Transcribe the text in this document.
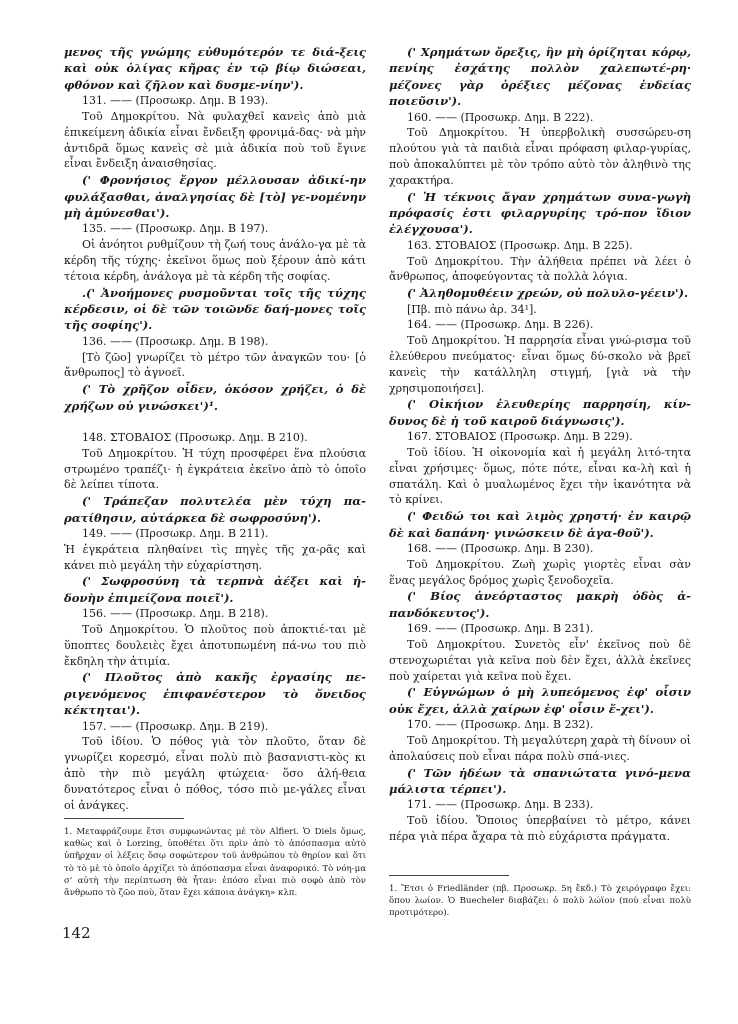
μενος τῆς γνώμης εὐθυμότερόν τε διά-ξεις καὶ οὐκ ὀλίγας κῆρας ἐν τῷ βίῳ διώσεαι, φθόνον καὶ ζῆλον καὶ δυσμε-νίην').

131. —— (Προσωκρ. Δημ. Β 193).

Τοῦ Δημοκρίτου. Νὰ φυλαχθεῖ κανεὶς ἀπὸ μιὰ ἐπικείμενη ἀδικία εἶναι ἔνδειξη φρονιμά-δας· νὰ μὴν ἀντιδρᾶ ὅμως κανεὶς σὲ μιὰ ἀδικία ποὺ τοῦ ἔγινε εἶναι ἔνδειξη ἀναισθησίας.

(' Φρονήσιος ἔργον μέλλουσαν ἀδικί-ην φυλάξασθαι, ἀναλγησίας δὲ [τὸ] γε-νομένην μὴ ἀμύνεσθαι').

135. —— (Προσωκρ. Δημ. Β 197).

Οἱ ἀνόητοι ρυθμίζουν τὴ ζωή τους ἀνάλο-γα μὲ τὰ κέρδη τῆς τύχης· ἐκεῖνοι ὅμως ποὺ ξέρουν ἀπὸ κάτι τέτοια κέρδη, ἀνάλογα μὲ τὰ κέρδη τῆς σοφίας.

.(' Ἀνοήμονες ρυσμοῦνται τοῖς τῆς τύχης κέρδεσιν, οἱ δὲ τῶν τοιῶνδε δαή-μονες τοῖς τῆς σοφίης').

136. —— (Προσωκρ. Δημ. Β 198).

[Τὸ ζῶο] γνωρίζει τὸ μέτρο τῶν ἀναγκῶν του· [ὁ ἄνθρωπος] τὸ ἀγνοεῖ.

(' Τὸ χρῆζον οἶδεν, ὁκόσον χρήζει, ὁ δὲ χρήζων οὐ γινώσκει')¹.

148. ΣΤΟΒΑΙΟΣ (Προσωκρ. Δημ. Β 210).

Τοῦ Δημοκρίτου. Ἡ τύχη προσφέρει ἕνα πλούσια στρωμένο τραπέζι· ἡ ἐγκράτεια ἐκεῖνο ἀπὸ τὸ ὁποῖο δὲ λείπει τίποτα.

(' Τράπεζαν πολυτελέα μὲν τύχη πα-ρατίθησιν, αὐτάρκεα δὲ σωφροσύνη').

149. —— (Προσωκρ. Δημ. Β 211).

Ἡ ἐγκράτεια πληθαίνει τὶς πηγὲς τῆς χα-ρᾶς καὶ κάνει πιὸ μεγάλη τὴν εὐχαρίστηση.

(' Σωφροσύνη τὰ τερπνὰ ἀέξει καὶ ἡ-δονὴν ἐπιμείζονα ποιεῖ').

156. —— (Προσωκρ. Δημ. Β 218).

Τοῦ Δημοκρίτου. Ὁ πλοῦτος ποὺ ἀποκτιέ-ται μὲ ὕποπτες δουλειὲς ἔχει ἀποτυπωμένη πά-νω του πιὸ ἔκδηλη τὴν ἀτιμία.

(' Πλοῦτος ἀπὸ κακῆς ἐργασίης πε-ριγενόμενος ἐπιφανέστερον τὸ ὄνειδος κέκτηται').

157. —— (Προσωκρ. Δημ. Β 219).

Τοῦ ἰδίου. Ὁ πόθος γιὰ τὸν πλοῦτο, ὅταν δὲ γνωρίζει κορεσμό, εἶναι πολὺ πιὸ βασανιστι-κὸς κι ἀπὸ τὴν πιὸ μεγάλη φτώχεια· ὅσο ἀλή-θεια δυνατότερος εἶναι ὁ πόθος, τόσο πιὸ με-γάλες εἶναι οἱ ἀνάγκες.

(' Χρημάτων ὄρεξις, ἣν μὴ ὁρίζηται κόρῳ, πενίης ἐσχάτης πολλὸν χαλεπωτέ-ρη· μέζονες γὰρ ὀρέξιες μέζονας ἐνδείας ποιεῦσιν').

160. —— (Προσωκρ. Δημ. Β 222).

Τοῦ Δημοκρίτου. Ἡ ὑπερβολικὴ συσσώρευ-ση πλούτου γιὰ τὰ παιδιὰ εἶναι πρόφαση φιλαρ-γυρίας, ποὺ ἀποκαλύπτει μὲ τὸν τρόπο αὐτὸ τὸν ἀληθινὸ της χαρακτήρα.

(' Ἡ τέκνοις ἄγαν χρημάτων συνα-γωγὴ πρόφασίς ἐστι φιλαργυρίης τρό-πον ἴδιον ἐλέγχουσα').

163. ΣΤΟΒΑΙΟΣ (Προσωκρ. Δημ. Β 225).

Τοῦ Δημοκρίτου. Τὴν ἀλήθεια πρέπει νὰ λέει ὁ ἄνθρωπος, ἀποφεύγοντας τὰ πολλὰ λόγια.

(' Ἀληθομυθέειν χρεών, οὐ πολυλο-γέειν').

[Πβ. πιὸ πάνω ἀρ. 34¹].

164. —— (Προσωκρ. Δημ. Β 226).

Τοῦ Δημοκρίτου. Ἡ παρρησία εἶναι γνώ-ρισμα τοῦ ἐλεύθερου πνεύματος· εἶναι ὅμως δύ-σκολο νὰ βρεῖ κανεὶς τὴν κατάλληλη στιγμή, [γιὰ νὰ τὴν χρησιμοποιήσει].

(' Οἰκήιον ἐλευθερίης παρρησίη, κίν-δυνος δὲ ἡ τοῦ καιροῦ διάγνωσις').

167. ΣΤΟΒΑΙΟΣ (Προσωκρ. Δημ. Β 229).

Τοῦ ἰδίου. Ἡ οἰκονομία καὶ ἡ μεγάλη λιτό-τητα εἶναι χρήσιμες· ὅμως, πότε πότε, εἶναι κα-λὴ καὶ ἡ σπατάλη. Καὶ ὁ μυαλωμένος ἔχει τὴν ἱκανότητα νὰ τὸ κρίνει.

(' Φειδώ τοι καὶ λιμὸς χρηστή· ἐν καιρῷ δὲ καὶ δαπάνη· γινώσκειν δὲ ἀγα-θοῦ').

168. —— (Προσωκρ. Δημ. Β 230).

Τοῦ Δημοκρίτου. Ζωὴ χωρὶς γιορτὲς εἶναι σὰν ἕνας μεγάλος δρόμος χωρὶς ξενοδοχεῖα.

(' Βίος ἀνεόρταστος μακρὴ ὁδὸς ἀ-πανδόκευτος').

169. —— (Προσωκρ. Δημ. Β 231).

Τοῦ Δημοκρίτου. Συνετὸς εἶν' ἐκεῖνος ποὺ δὲ στενοχωριέται γιὰ κεῖνα ποὺ δὲν ἔχει, ἀλλὰ ἐκεῖνες ποὺ χαίρεται γιὰ κεῖνα ποὺ ἔχει.

(' Εὐγνώμων ὁ μὴ λυπεόμενος ἐφ' οἷσιν οὐκ ἔχει, ἀλλὰ χαίρων ἐφ' οἷσιν ἔ-χει').

170. —— (Προσωκρ. Δημ. Β 232).

Τοῦ Δημοκρίτου. Τὴ μεγαλύτερη χαρὰ τὴ δίνουν οἱ ἀπολαύσεις ποὺ εἶναι πάρα πολὺ σπά-νιες.

(' Τῶν ἡδέων τὰ σπανιώτατα γινό-μενα μάλιστα τέρπει').

171. —— (Προσωκρ. Δημ. Β 233).

Τοῦ ἰδίου. Ὅποιος ὑπερβαίνει τὸ μέτρο, κάνει πέρα γιὰ πέρα ἄχαρα τὰ πιὸ εὐχάριστα πράγματα.

1. Μεταφράζουμε ἔτσι συμφωνώντας μὲ τὸν Alfieri. Ὁ Diels ὅμως, καθὼς καὶ ὁ Lorzing, ὑποθέτει ὅτι πρὶν ἀπὸ τὸ ἀπόσπασμα αὐτὸ ὑπῆρχαν οἱ λέξεις ὅσῳ σοφώτερον τοῦ ἀνθρώπου τὸ θηρίον καὶ ὅτι τὸ τὸ μὲ τὸ ὁποῖο ἀρχίζει τὸ ἀπόσπασμα εἶναι ἀναφορικό. Τὸ νόη-μα σ' αὐτὴ τὴν περίπτωση θὰ ἦταν: ἐπόσο εἶναι πιὸ σοφὸ ἀπὸ τὸν ἄνθρωπο τὸ ζῶο ποὺ, ὅταν ἔχει κάποια ἀνάγκη» κλπ.	1. Ἔτσι ὁ Friedländer (πβ. Προσωκρ. 5η ἔκδ.) Τὸ χειρόγραφο ἔχει: ὅπου λωίον. Ὁ Buecheler διαβάζει: ὁ πολὺ λώϊον (ποὺ εἶναι πολὺ προτιμότερο).
142
